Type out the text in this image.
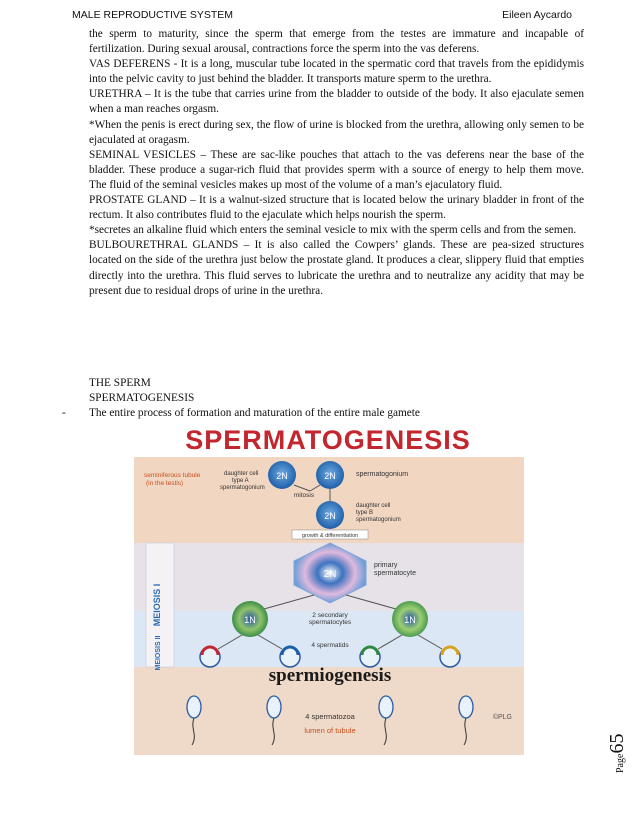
MALE REPRODUCTIVE SYSTEM	Eileen Aycardo

the sperm to maturity, since the sperm that emerge from the testes are immature and incapable of fertilization. During sexual arousal, contractions force the sperm into the vas deferens.

VAS DEFERENS - It is a long, muscular tube located in the spermatic cord that travels from the epididymis into the pelvic cavity to just behind the bladder. It transports mature sperm to the urethra.

URETHRA – It is the tube that carries urine from the bladder to outside of the body. It also ejaculate semen when a man reaches orgasm.

*When the penis is erect during sex, the flow of urine is blocked from the urethra, allowing only semen to be ejaculated at oragasm.

SEMINAL VESICLES – These are sac-like pouches that attach to the vas deferens near the base of the bladder. These produce a sugar-rich fluid that provides sperm with a source of energy to help them move. The fluid of the seminal vesicles makes up most of the volume of a man’s ejaculatory fluid.

PROSTATE GLAND – It is a walnut-sized structure that is located below the urinary bladder in front of the rectum. It also contributes fluid to the ejaculate which helps nourish the sperm.

*secretes an alkaline fluid which enters the seminal vesicle to mix with the sperm cells and from the semen.

BULBOURETHRAL GLANDS – It is also called the Cowpers’ glands. These are pea-sized structures located on the side of the urethra just below the prostate gland. It produces a clear, slippery fluid that empties directly into the urethra. This fluid serves to lubricate the urethra and to neutralize any acidity that may be present due to residual drops of urine in the urethra.

THE SPERM
SPERMATOGENESIS
- The entire process of formation and maturation of the entire male gamete
SPERMATOGENESIS
seminiferous tubule
(in the testis)
2N	2N	spermatogonium
mitosis
daughter cell
type A
spermatogonium
2N
daughter cell
type B
spermatogonium
growth & differentiation
2N
primary
spermatocyte
MEIOSIS I
MEIOSIS II
1N	1N
2 secondary
spermatocytes
4 spermatids
spermiogenesis
4 spermatozoa
lumen of tubule
©PLG
Page65
